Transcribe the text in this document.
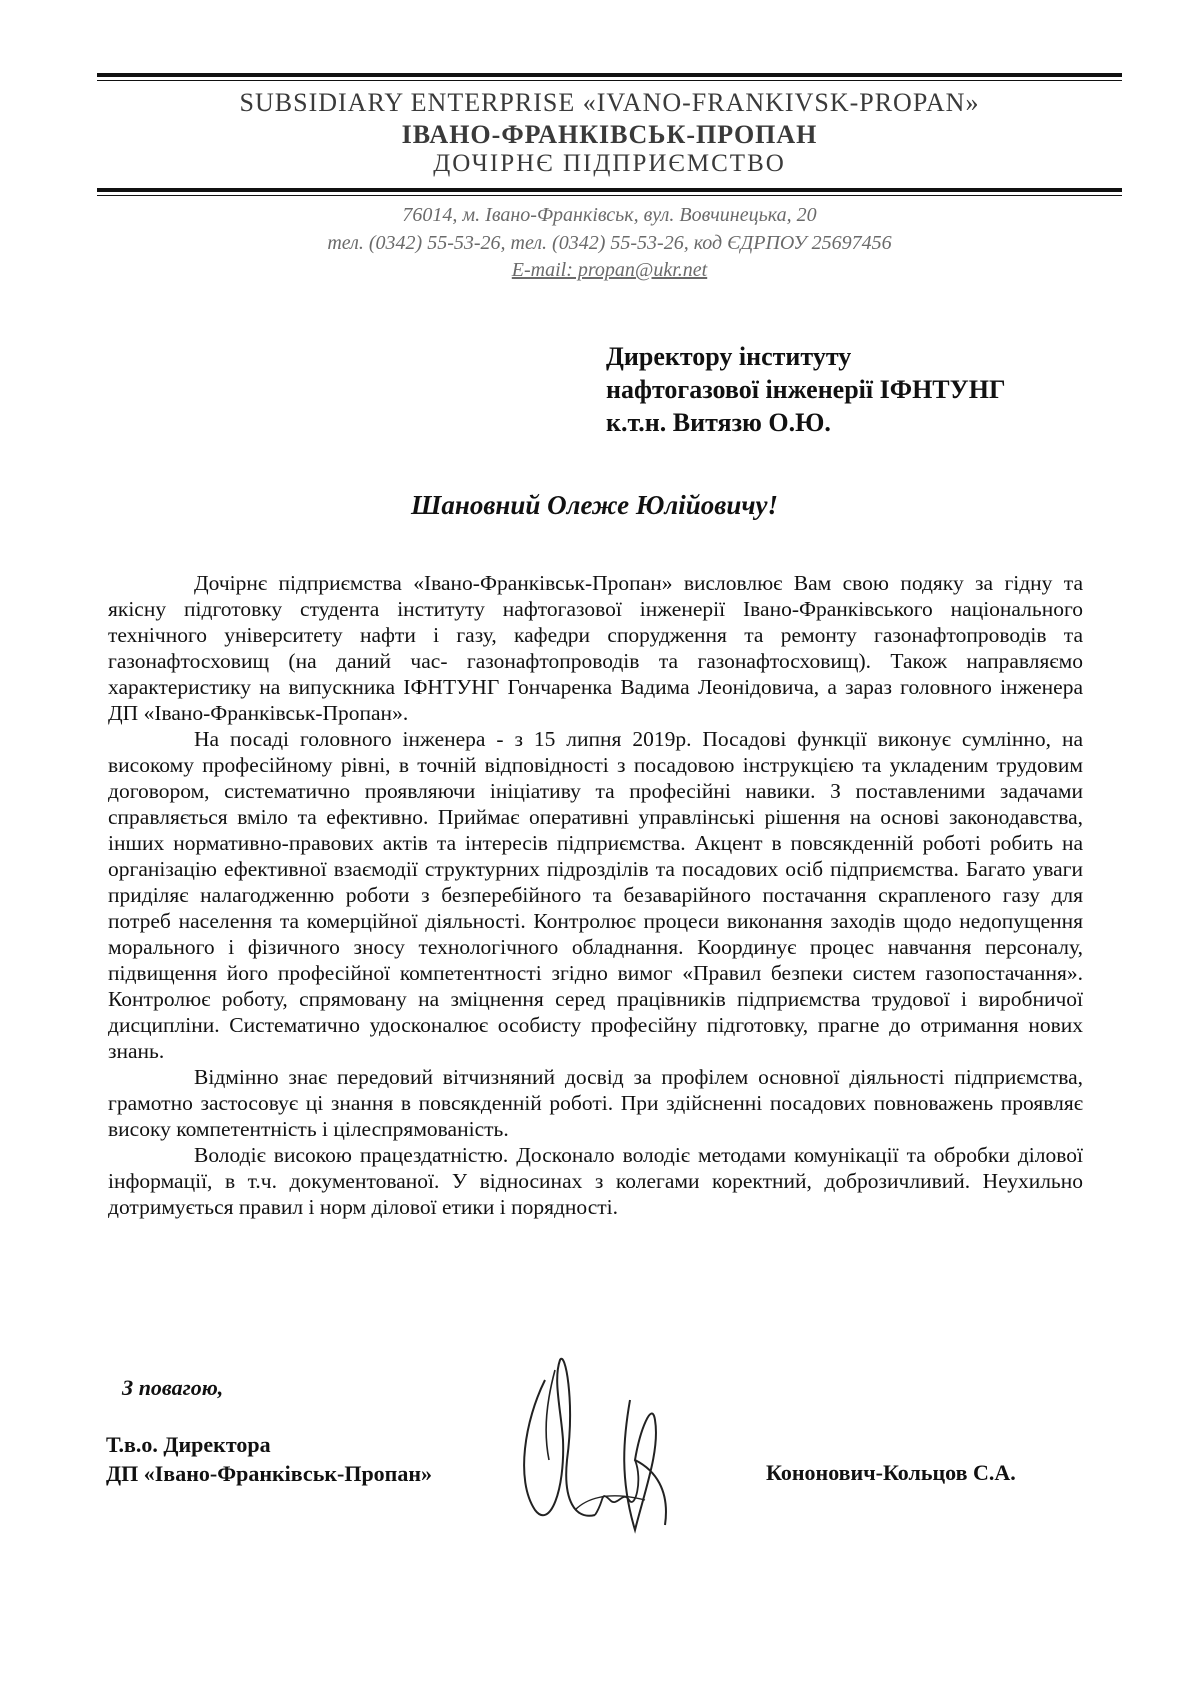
SUBSIDIARY ENTERPRISE «IVANO-FRANKIVSK-PROPAN»
ІВАНО-ФРАНКІВСЬК-ПРОПАН
ДОЧІРНЄ ПІДПРИЄМСТВО
76014, м. Івано-Франківськ, вул. Вовчинецька, 20
тел. (0342) 55-53-26, тел. (0342) 55-53-26, код ЄДРПОУ 25697456
E-mail: propan@ukr.net
Директору інституту
нафтогазової інженерії ІФНТУНГ
к.т.н. Витязю О.Ю.
Шановний Олеже Юлійовичу!

Дочірнє підприємства «Івано-Франківськ-Пропан» висловлює Вам свою подяку за гідну та якісну підготовку студента інституту нафтогазової інженерії Івано-Франківського національного технічного університету нафти і газу, кафедри спорудження та ремонту газонафтопроводів та газонафтосховищ (на даний час- газонафтопроводів та газонафтосховищ). Також направляємо характеристику на випускника ІФНТУНГ Гончаренка Вадима Леонідовича, а зараз головного інженера ДП «Івано-Франківськ-Пропан».

На посаді головного інженера - з 15 липня 2019р. Посадові функції виконує сумлінно, на високому професійному рівні, в точній відповідності з посадовою інструкцією та укладеним трудовим договором, систематично проявляючи ініціативу та професійні навики. З поставленими задачами справляється вміло та ефективно. Приймає оперативні управлінські рішення на основі законодавства, інших нормативно-правових актів та інтересів підприємства. Акцент в повсякденній роботі робить на організацію ефективної взаємодії структурних підрозділів та посадових осіб підприємства. Багато уваги приділяє налагодженню роботи з безперебійного та безаварійного постачання скрапленого газу для потреб населення та комерційної діяльності. Контролює процеси виконання заходів щодо недопущення морального і фізичного зносу технологічного обладнання. Координує процес навчання персоналу, підвищення його професійної компетентності згідно вимог «Правил безпеки систем газопостачання». Контролює роботу, спрямовану на зміцнення серед працівників підприємства трудової і виробничої дисципліни. Систематично удосконалює особисту професійну підготовку, прагне до отримання нових знань.

Відмінно знає передовий вітчизняний досвід за профілем основної діяльності підприємства, грамотно застосовує ці знання в повсякденній роботі. При здійсненні посадових повноважень проявляє високу компетентність і цілеспрямованість.

Володіє високою працездатністю. Досконало володіє методами комунікації та обробки ділової інформації, в т.ч. документованої. У відносинах з колегами коректний, доброзичливий. Неухильно дотримується правил і норм ділової етики і порядності.

З повагою,
Т.в.о. Директора
ДП «Івано-Франківськ-Пропан»	Кононович-Кольцов С.А.
